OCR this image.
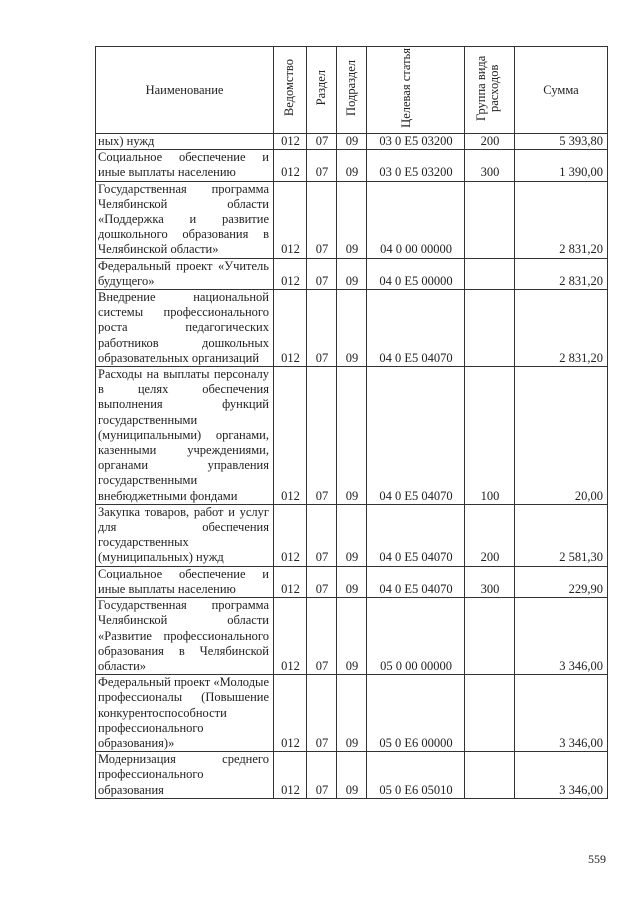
Наименование	Ведомство	Раздел	Подраздел	Целевая статья	Группа вида расходов	Сумма
ных) нужд	012	07	09	03 0 E5 03200	200	5 393,80
Социальное обеспечение и иные выплаты населению	012	07	09	03 0 E5 03200	300	1 390,00
Государственная программа Челябинской области «Поддержка и развитие дошкольного образования в Челябинской области»	012	07	09	04 0 00 00000		2 831,20
Федеральный проект «Учитель будущего»	012	07	09	04 0 E5 00000		2 831,20
Внедрение национальной системы профессионального роста педагогических работников дошкольных образовательных организаций	012	07	09	04 0 E5 04070		2 831,20
Расходы на выплаты персоналу в целях обеспечения выполнения функций государственными (муниципальными) органами, казенными учреждениями, органами управления государственными внебюджетными фондами	012	07	09	04 0 E5 04070	100	20,00
Закупка товаров, работ и услуг для обеспечения государственных (муниципальных) нужд	012	07	09	04 0 E5 04070	200	2 581,30
Социальное обеспечение и иные выплаты населению	012	07	09	04 0 E5 04070	300	229,90
Государственная программа Челябинской области «Развитие профессионального образования в Челябинской области»	012	07	09	05 0 00 00000		3 346,00
Федеральный проект «Молодые профессионалы (Повышение конкурентоспособности профессионального образования)»	012	07	09	05 0 E6 00000		3 346,00
Модернизация среднего профессионального образования	012	07	09	05 0 E6 05010		3 346,00
559
